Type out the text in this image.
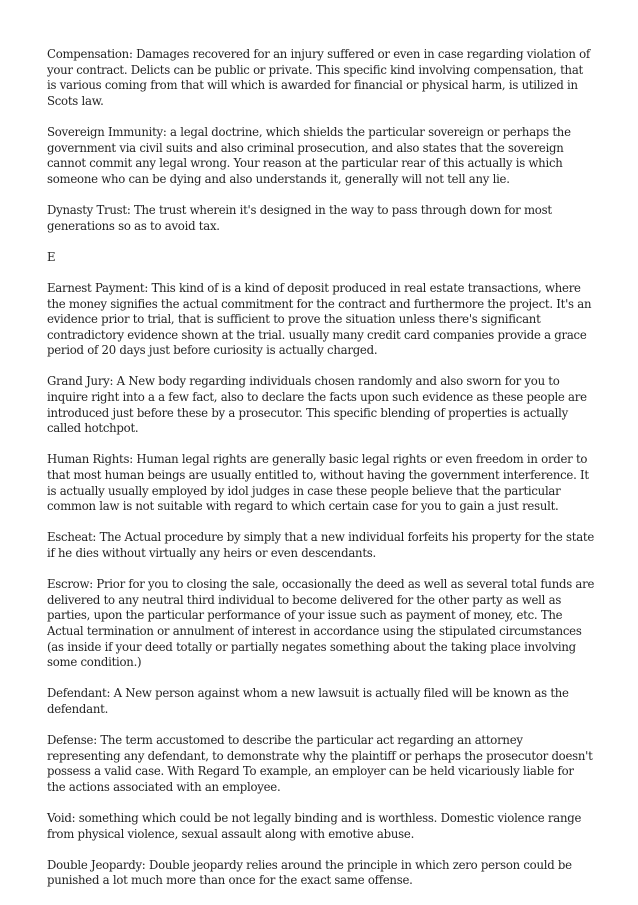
Compensation: Damages recovered for an injury suffered or even in case regarding violation of your contract. Delicts can be public or private. This specific kind involving compensation, that is various coming from that will which is awarded for financial or physical harm, is utilized in Scots law.

Sovereign Immunity: a legal doctrine, which shields the particular sovereign or perhaps the government via civil suits and also criminal prosecution, and also states that the sovereign cannot commit any legal wrong. Your reason at the particular rear of this actually is which someone who can be dying and also understands it, generally will not tell any lie.

Dynasty Trust: The trust wherein it's designed in the way to pass through down for most generations so as to avoid tax.

E

Earnest Payment: This kind of is a kind of deposit produced in real estate transactions, where the money signifies the actual commitment for the contract and furthermore the project. It's an evidence prior to trial, that is sufficient to prove the situation unless there's significant contradictory evidence shown at the trial. usually many credit card companies provide a grace period of 20 days just before curiosity is actually charged.

Grand Jury: A New body regarding individuals chosen randomly and also sworn for you to inquire right into a a few fact, also to declare the facts upon such evidence as these people are introduced just before these by a prosecutor. This specific blending of properties is actually called hotchpot.

Human Rights: Human legal rights are generally basic legal rights or even freedom in order to that most human beings are usually entitled to, without having the government interference. It is actually usually employed by idol judges in case these people believe that the particular common law is not suitable with regard to which certain case for you to gain a just result.

Escheat: The Actual procedure by simply that a new individual forfeits his property for the state if he dies without virtually any heirs or even descendants.

Escrow: Prior for you to closing the sale, occasionally the deed as well as several total funds are delivered to any neutral third individual to become delivered for the other party as well as parties, upon the particular performance of your issue such as payment of money, etc. The Actual termination or annulment of interest in accordance using the stipulated circumstances (as inside if your deed totally or partially negates something about the taking place involving some condition.)

Defendant: A New person against whom a new lawsuit is actually filed will be known as the defendant.

Defense: The term accustomed to describe the particular act regarding an attorney representing any defendant, to demonstrate why the plaintiff or perhaps the prosecutor doesn't possess a valid case. With Regard To example, an employer can be held vicariously liable for the actions associated with an employee.

Void: something which could be not legally binding and is worthless. Domestic violence range from physical violence, sexual assault along with emotive abuse.

Double Jeopardy: Double jeopardy relies around the principle in which zero person could be punished a lot much more than once for the exact same offense.
